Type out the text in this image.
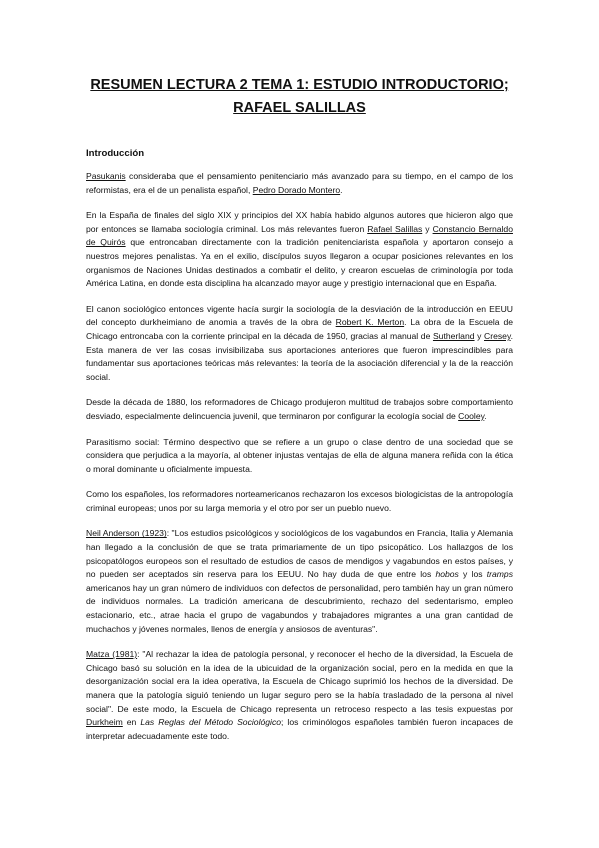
RESUMEN LECTURA 2 TEMA 1: ESTUDIO INTRODUCTORIO;
RAFAEL SALILLAS
Introducción

Pasukanis consideraba que el pensamiento penitenciario más avanzado para su tiempo, en el campo de los reformistas, era el de un penalista español, Pedro Dorado Montero.

En la España de finales del siglo XIX y principios del XX había habido algunos autores que hicieron algo que por entonces se llamaba sociología criminal. Los más relevantes fueron Rafael Salillas y Constancio Bernaldo de Quirós que entroncaban directamente con la tradición penitenciarista española y aportaron consejo a nuestros mejores penalistas. Ya en el exilio, discípulos suyos llegaron a ocupar posiciones relevantes en los organismos de Naciones Unidas destinados a combatir el delito, y crearon escuelas de criminología por toda América Latina, en donde esta disciplina ha alcanzado mayor auge y prestigio internacional que en España.

El canon sociológico entonces vigente hacía surgir la sociología de la desviación de la introducción en EEUU del concepto durkheimiano de anomia a través de la obra de Robert K. Merton. La obra de la Escuela de Chicago entroncaba con la corriente principal en la década de 1950, gracias al manual de Sutherland y Cresey. Esta manera de ver las cosas invisibilizaba sus aportaciones anteriores que fueron imprescindibles para fundamentar sus aportaciones teóricas más relevantes: la teoría de la asociación diferencial y la de la reacción social.

Desde la década de 1880, los reformadores de Chicago produjeron multitud de trabajos sobre comportamiento desviado, especialmente delincuencia juvenil, que terminaron por configurar la ecología social de Cooley.

Parasitismo social: Término despectivo que se refiere a un grupo o clase dentro de una sociedad que se considera que perjudica a la mayoría, al obtener injustas ventajas de ella de alguna manera reñida con la ética o moral dominante u oficialmente impuesta.

Como los españoles, los reformadores norteamericanos rechazaron los excesos biologicistas de la antropología criminal europeas; unos por su larga memoria y el otro por ser un pueblo nuevo.

Neil Anderson (1923): "Los estudios psicológicos y sociológicos de los vagabundos en Francia, Italia y Alemania han llegado a la conclusión de que se trata primariamente de un tipo psicopático. Los hallazgos de los psicopatólogos europeos son el resultado de estudios de casos de mendigos y vagabundos en estos países, y no pueden ser aceptados sin reserva para los EEUU. No hay duda de que entre los hobos y los tramps americanos hay un gran número de individuos con defectos de personalidad, pero también hay un gran número de individuos normales. La tradición americana de descubrimiento, rechazo del sedentarismo, empleo estacionario, etc., atrae hacia el grupo de vagabundos y trabajadores migrantes a una gran cantidad de muchachos y jóvenes normales, llenos de energía y ansiosos de aventuras".

Matza (1981): "Al rechazar la idea de patología personal, y reconocer el hecho de la diversidad, la Escuela de Chicago basó su solución en la idea de la ubicuidad de la organización social, pero en la medida en que la desorganización social era la idea operativa, la Escuela de Chicago suprimió los hechos de la diversidad. De manera que la patología siguió teniendo un lugar seguro pero se la había trasladado de la persona al nivel social". De este modo, la Escuela de Chicago representa un retroceso respecto a las tesis expuestas por Durkheim en Las Reglas del Método Sociológico; los criminólogos españoles también fueron incapaces de interpretar adecuadamente este todo.
